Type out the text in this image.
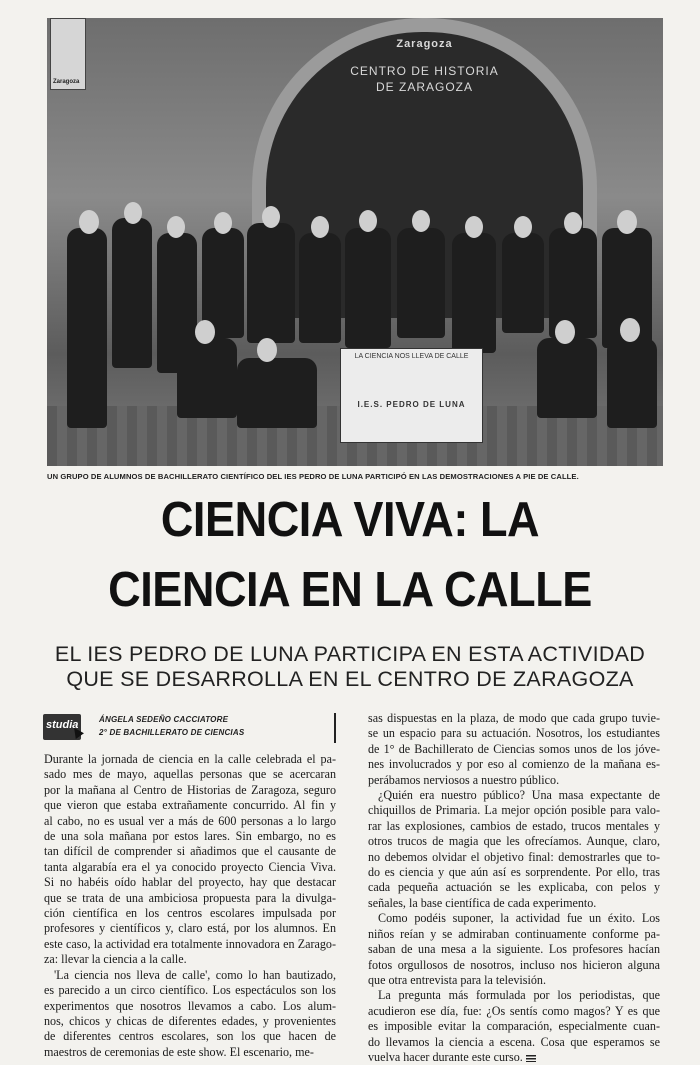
Zaragoza
CENTRO DE HISTORIA
DE ZARAGOZA
Zaragoza
LA CIENCIA NOS LLEVA DE CALLE
I.E.S. PEDRO DE LUNA
UN GRUPO DE ALUMNOS DE BACHILLERATO CIENTÍFICO DEL IES PEDRO DE LUNA PARTICIPÓ EN LAS DEMOSTRACIONES A PIE DE CALLE.
CIENCIA VIVA: LA
CIENCIA EN LA CALLE
EL IES PEDRO DE LUNA PARTICIPA EN ESTA ACTIVIDAD
QUE SE DESARROLLA EN EL CENTRO DE ZARAGOZA
studia	ÁNGELA SEDEÑO CACCIATORE
2° DE BACHILLERATO DE CIENCIAS

Durante la jornada de ciencia en la calle celebrada el pa-
sado mes de mayo, aquellas personas que se acercaran
por la mañana al Centro de Historias de Zaragoza, seguro
que vieron que estaba extrañamente concurrido. Al fin y
al cabo, no es usual ver a más de 600 personas a lo largo
de una sola mañana por estos lares. Sin embargo, no es
tan difícil de comprender si añadimos que el causante de
tanta algarabía era el ya conocido proyecto Ciencia Viva.
Si no habéis oído hablar del proyecto, hay que destacar
que se trata de una ambiciosa propuesta para la divulga-
ción científica en los centros escolares impulsada por
profesores y científicos y, claro está, por los alumnos. En
este caso, la actividad era totalmente innovadora en Zarago-
za: llevar la ciencia a la calle.

'La ciencia nos lleva de calle', como lo han bautizado,
es parecido a un circo científico. Los espectáculos son los
experimentos que nosotros llevamos a cabo. Los alum-
nos, chicos y chicas de diferentes edades, y provenientes
de diferentes centros escolares, son los que hacen de
maestros de ceremonias de este show. El escenario, me-

sas dispuestas en la plaza, de modo que cada grupo tuvie-
se un espacio para su actuación. Nosotros, los estudiantes
de 1° de Bachillerato de Ciencias somos unos de los jóve-
nes involucrados y por eso al comienzo de la mañana es-
perábamos nerviosos a nuestro público.

¿Quién era nuestro público? Una masa expectante de
chiquillos de Primaria. La mejor opción posible para valo-
rar las explosiones, cambios de estado, trucos mentales y
otros trucos de magia que les ofrecíamos. Aunque, claro,
no debemos olvidar el objetivo final: demostrarles que to-
do es ciencia y que aún así es sorprendente. Por ello, tras
cada pequeña actuación se les explicaba, con pelos y
señales, la base científica de cada experimento.

Como podéis suponer, la actividad fue un éxito. Los
niños reían y se admiraban continuamente conforme pa-
saban de una mesa a la siguiente. Los profesores hacían
fotos orgullosos de nosotros, incluso nos hicieron alguna
que otra entrevista para la televisión.

La pregunta más formulada por los periodistas, que
acudieron ese día, fue: ¿Os sentís como magos? Y es que
es imposible evitar la comparación, especialmente cuan-
do llevamos la ciencia a escena. Cosa que esperamos se
vuelva hacer durante este curso.
